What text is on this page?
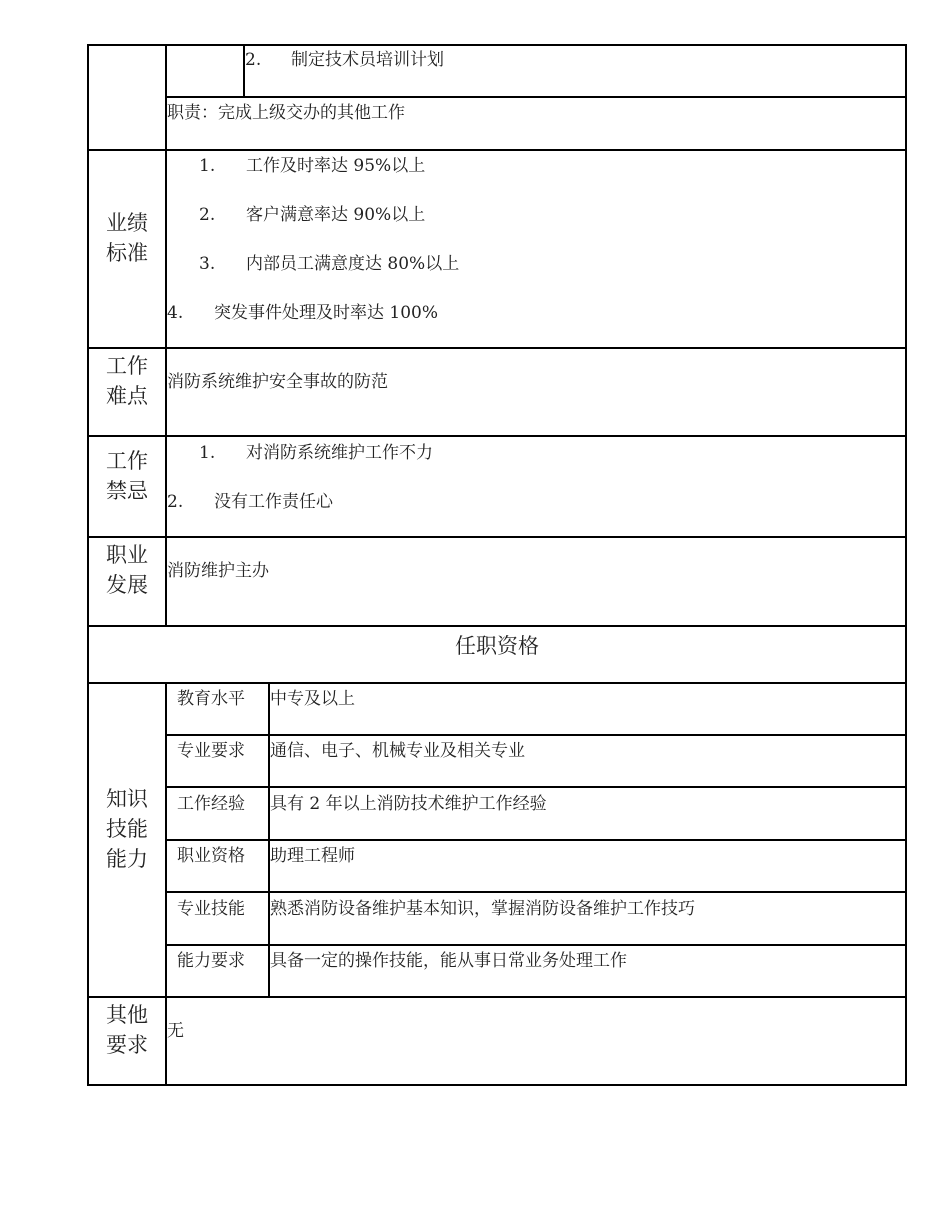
2. 制定技术员培训计划
职责：完成上级交办的其他工作
业绩
标准
1. 工作及时率达 95%以上
2. 客户满意率达 90%以上
3. 内部员工满意度达 80%以上
4. 突发事件处理及时率达 100%
工作
难点
消防系统维护安全事故的防范
工作
禁忌
1. 对消防系统维护工作不力
2. 没有工作责任心
职业
发展
消防维护主办
任职资格
知识
技能
能力
教育水平 中专及以上
专业要求 通信、电子、机械专业及相关专业
工作经验 具有 2 年以上消防技术维护工作经验
职业资格 助理工程师
专业技能 熟悉消防设备维护基本知识，掌握消防设备维护工作技巧
能力要求 具备一定的操作技能，能从事日常业务处理工作
其他
要求
无
